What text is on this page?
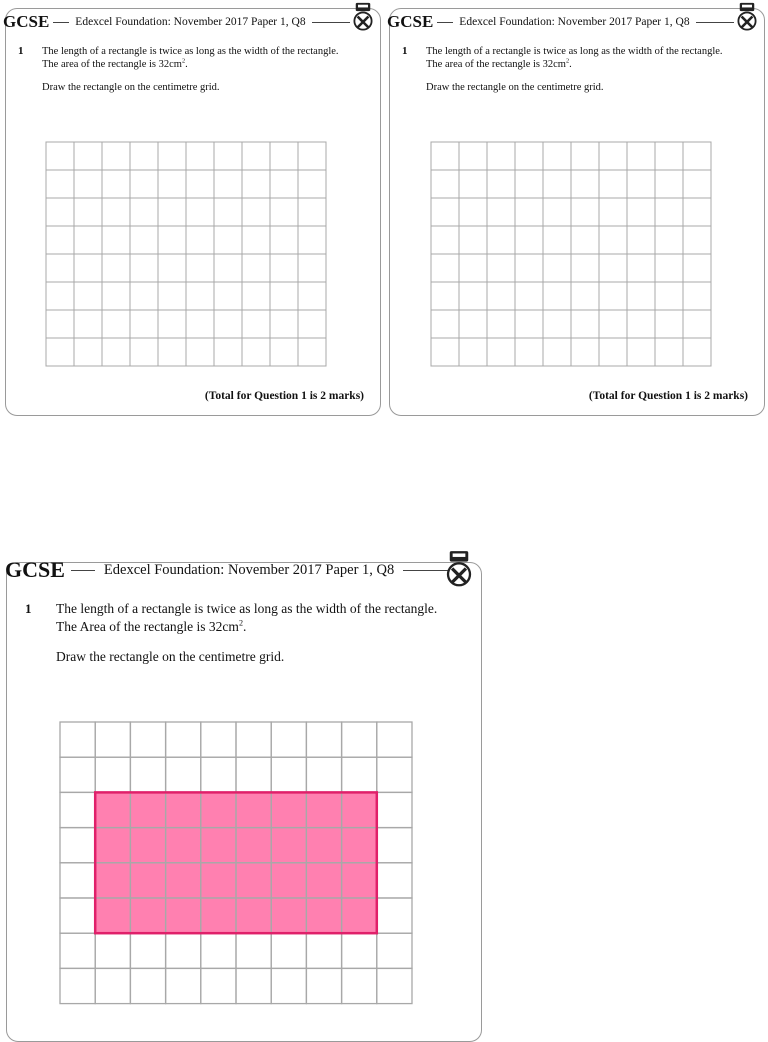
GCSE Edexcel Foundation: November 2017 Paper 1, Q8
1 The length of a rectangle is twice as long as the width of the rectangle.
The area of the rectangle is $32cm^2$.
Draw the rectangle on the centimetre grid.
(Total for Question 1 is 2 marks)
GCSE Edexcel Foundation: November 2017 Paper 1, Q8
1 The length of a rectangle is twice as long as the width of the rectangle.
The area of the rectangle is $32cm^2$.
Draw the rectangle on the centimetre grid.
(Total for Question 1 is 2 marks)
GCSE	Edexcel Foundation: November 2017 Paper 1, Q8
1 The length of a rectangle is twice as long as the width of the rectangle.
The Area of the rectangle is $32cm^2$.
Draw the rectangle on the centimetre grid.
